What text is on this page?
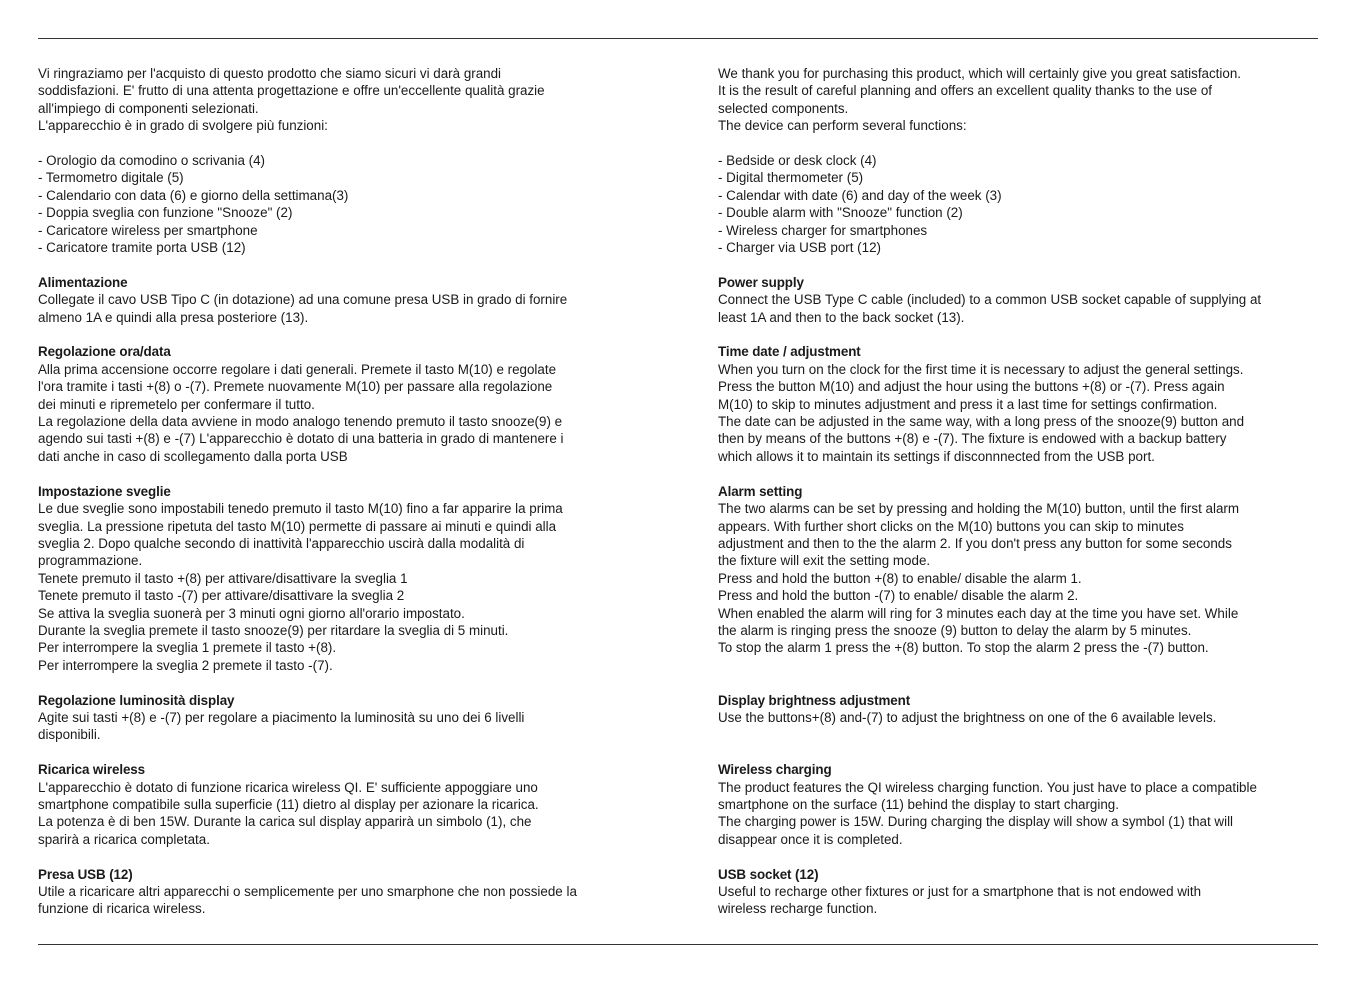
Vi ringraziamo per l'acquisto di questo prodotto che siamo sicuri vi darà grandi
soddisfazioni. E' frutto di una attenta progettazione e offre un'eccellente qualità grazie
all'impiego di componenti selezionati.
L'apparecchio è in grado di svolgere più funzioni:

- Orologio da comodino o scrivania (4)
- Termometro digitale (5)
- Calendario con data (6) e giorno della settimana(3)
- Doppia sveglia con funzione "Snooze" (2)
- Caricatore wireless per smartphone
- Caricatore tramite porta USB (12)

Alimentazione

Collegate il cavo USB Tipo C (in dotazione) ad una comune presa USB in grado di fornire
almeno 1A e quindi alla presa posteriore (13).

Regolazione ora/data

Alla prima accensione occorre regolare i dati generali. Premete il tasto M(10) e regolate
l'ora tramite i tasti +(8) o -(7). Premete nuovamente M(10) per passare alla regolazione
dei minuti e ripremetelo per confermare il tutto.
La regolazione della data avviene in modo analogo tenendo premuto il tasto snooze(9) e
agendo sui tasti +(8) e -(7) L'apparecchio è dotato di una batteria in grado di mantenere i
dati anche in caso di scollegamento dalla porta USB

Impostazione sveglie

Le due sveglie sono impostabili tenedo premuto il tasto M(10) fino a far apparire la prima
sveglia. La pressione ripetuta del tasto M(10) permette di passare ai minuti e quindi alla
sveglia 2. Dopo qualche secondo di inattività l'apparecchio uscirà dalla modalità di
programmazione.
Tenete premuto il tasto +(8) per attivare/disattivare la sveglia 1
Tenete premuto il tasto -(7) per attivare/disattivare la sveglia 2
Se attiva la sveglia suonerà per 3 minuti ogni giorno all'orario impostato.
Durante la sveglia premete il tasto snooze(9) per ritardare la sveglia di 5 minuti.
Per interrompere la sveglia 1 premete il tasto +(8).
Per interrompere la sveglia 2 premete il tasto -(7).

Regolazione luminosità display

Agite sui tasti +(8) e -(7) per regolare a piacimento la luminosità su uno dei 6 livelli
disponibili.

Ricarica wireless

L'apparecchio è dotato di funzione ricarica wireless QI. E' sufficiente appoggiare uno
smartphone compatibile sulla superficie (11) dietro al display per azionare la ricarica.
La potenza è di ben 15W. Durante la carica sul display apparirà un simbolo (1), che
sparirà a ricarica completata.

Presa USB (12)

Utile a ricaricare altri apparecchi o semplicemente per uno smarphone che non possiede la
funzione di ricarica wireless.

We thank you for purchasing this product, which will certainly give you great satisfaction.
It is the result of careful planning and offers an excellent quality thanks to the use of
selected components.
The device can perform several functions:

- Bedside or desk clock (4)
- Digital thermometer (5)
- Calendar with date (6) and day of the week (3)
- Double alarm with "Snooze" function (2)
- Wireless charger for smartphones
- Charger via USB port (12)

Power supply

Connect the USB Type C cable (included) to a common USB socket capable of supplying at
least 1A and then to the back socket (13).

Time date / adjustment

When you turn on the clock for the first time it is necessary to adjust the general settings.
Press the button M(10) and adjust the hour using the buttons +(8) or -(7). Press again
M(10) to skip to minutes adjustment and press it a last time for settings confirmation.
The date can be adjusted in the same way, with a long press of the snooze(9) button and
then by means of the buttons +(8) e -(7). The fixture is endowed with a backup battery
which allows it to maintain its settings if disconnnected from the USB port.

Alarm setting

The two alarms can be set by pressing and holding the M(10) button, until the first alarm
appears. With further short clicks on the M(10) buttons you can skip to minutes
adjustment and then to the the alarm 2. If you don't press any button for some seconds
the fixture will exit the setting mode.
Press and hold the button +(8) to enable/ disable the alarm 1.
Press and hold the button -(7) to enable/ disable the alarm 2.
When enabled the alarm will ring for 3 minutes each day at the time you have set. While
the alarm is ringing press the snooze (9) button to delay the alarm by 5 minutes.
To stop the alarm 1 press the +(8) button. To stop the alarm 2 press the -(7) button.

Display brightness adjustment

Use the buttons+(8) and-(7) to adjust the brightness on one of the 6 available levels.

Wireless charging

The product features the QI wireless charging function. You just have to place a compatible
smartphone on the surface (11) behind the display to start charging.
The charging power is 15W. During charging the display will show a symbol (1) that will
disappear once it is completed.

USB socket (12)

Useful to recharge other fixtures or just for a smartphone that is not endowed with
wireless recharge function.
